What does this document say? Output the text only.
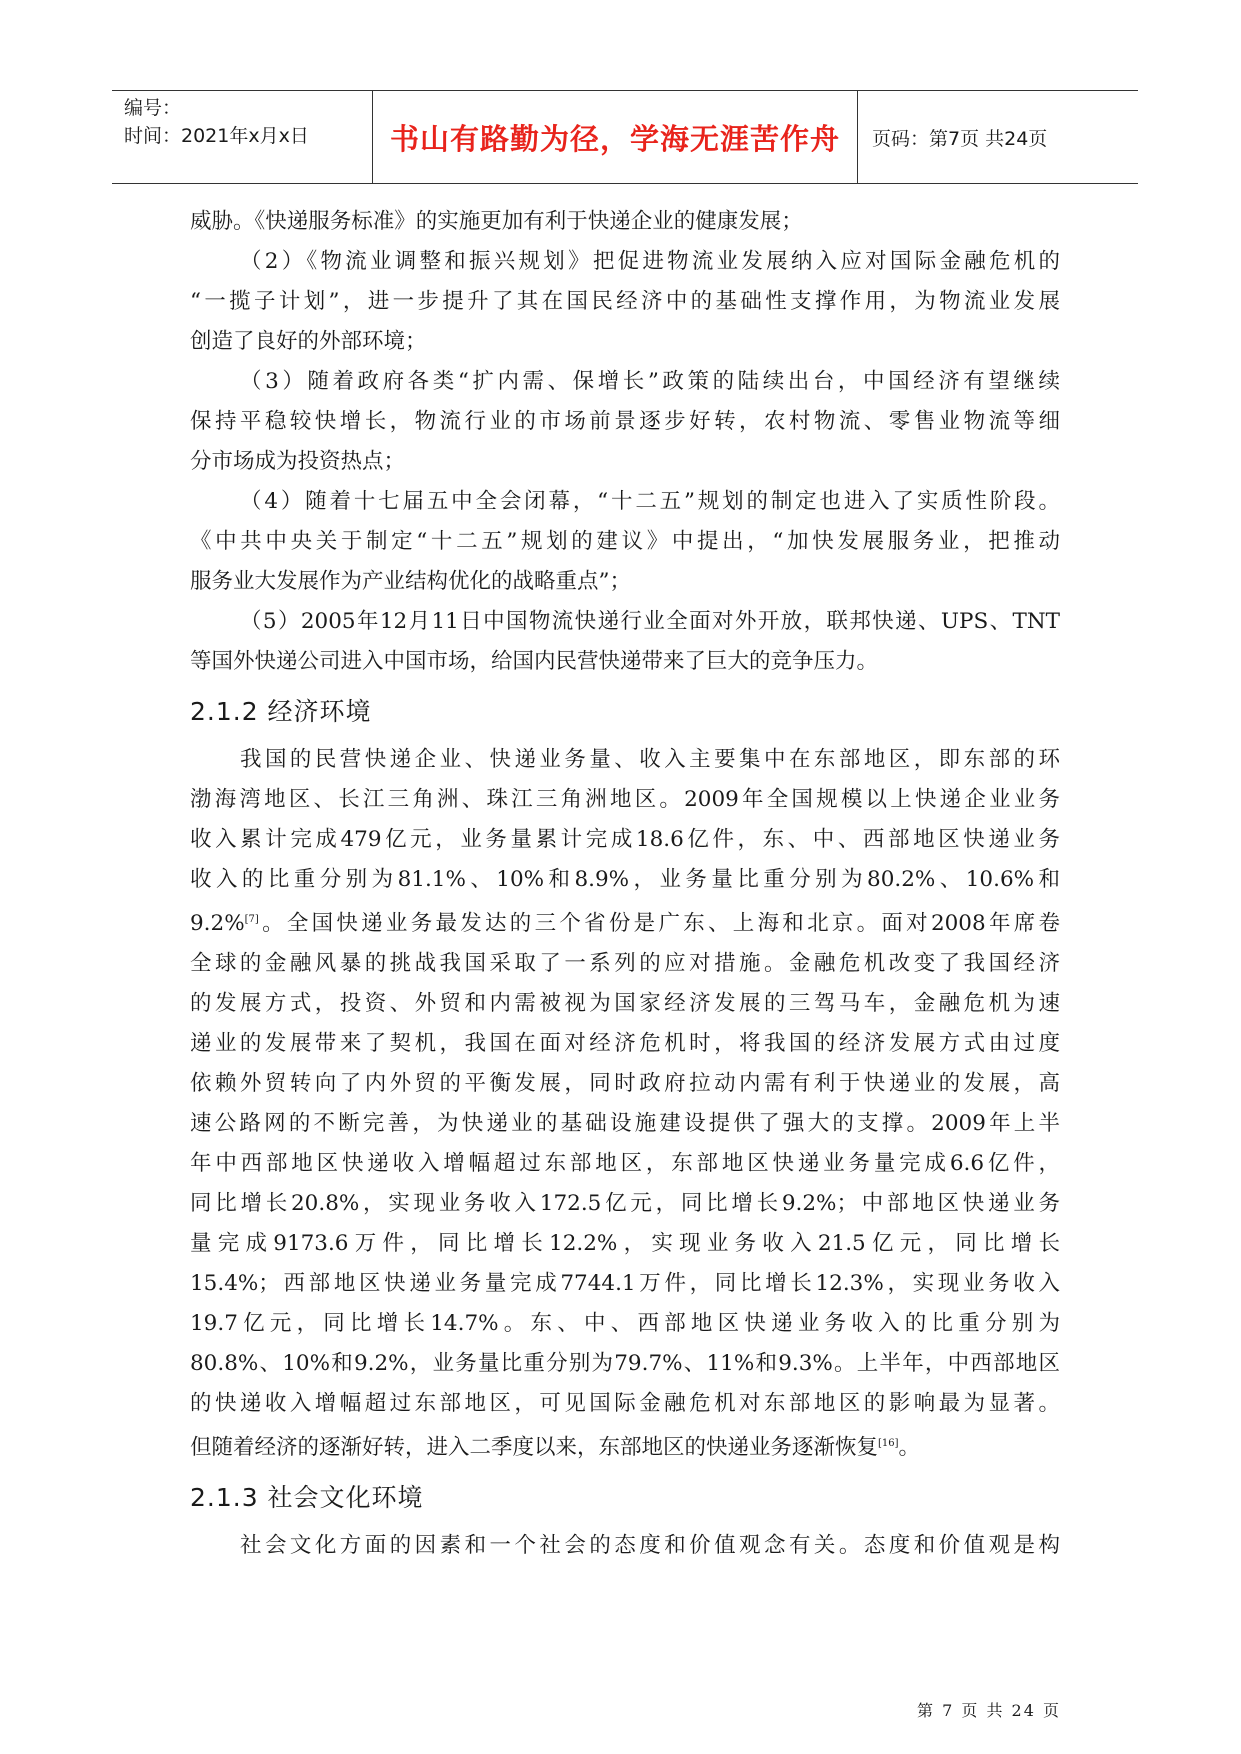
编号：
时间：2021年x月x日	书山有路勤为径，学海无涯苦作舟	页码：第7页 共24页

威胁。《快递服务标准》的实施更加有利于快递企业的健康发展；

（2）《物流业调整和振兴规划》把促进物流业发展纳入应对国际金融危机的

“一揽子计划”，进一步提升了其在国民经济中的基础性支撑作用，为物流业发展

创造了良好的外部环境；

（3）随着政府各类“扩内需、保增长”政策的陆续出台，中国经济有望继续

保持平稳较快增长，物流行业的市场前景逐步好转，农村物流、零售业物流等细

分市场成为投资热点；

（4）随着十七届五中全会闭幕，“十二五”规划的制定也进入了实质性阶段。

《中共中央关于制定“十二五”规划的建议》中提出，“加快发展服务业，把推动

服务业大发展作为产业结构优化的战略重点”；

（5）2005年12月11日中国物流快递行业全面对外开放，联邦快递、UPS、TNT

等国外快递公司进入中国市场，给国内民营快递带来了巨大的竞争压力。

2.1.2 经济环境

我国的民营快递企业、快递业务量、收入主要集中在东部地区，即东部的环

渤海湾地区、长江三角洲、珠江三角洲地区。2009年全国规模以上快递企业业务

收入累计完成479亿元，业务量累计完成18.6亿件，东、中、西部地区快递业务

收入的比重分别为81.1%、10%和8.9%，业务量比重分别为80.2%、10.6%和

9.2%[7]。全国快递业务最发达的三个省份是广东、上海和北京。面对2008年席卷

全球的金融风暴的挑战我国采取了一系列的应对措施。金融危机改变了我国经济

的发展方式，投资、外贸和内需被视为国家经济发展的三驾马车，金融危机为速

递业的发展带来了契机，我国在面对经济危机时，将我国的经济发展方式由过度

依赖外贸转向了内外贸的平衡发展，同时政府拉动内需有利于快递业的发展，高

速公路网的不断完善，为快递业的基础设施建设提供了强大的支撑。2009年上半

年中西部地区快递收入增幅超过东部地区，东部地区快递业务量完成6.6亿件，

同比增长20.8%，实现业务收入172.5亿元，同比增长9.2%；中部地区快递业务

量完成9173.6万件，同比增长12.2%，实现业务收入21.5亿元，同比增长

15.4%；西部地区快递业务量完成7744.1万件，同比增长12.3%，实现业务收入

19.7亿元，同比增长14.7%。东、中、西部地区快递业务收入的比重分别为

80.8%、10%和9.2%，业务量比重分别为79.7%、11%和9.3%。上半年，中西部地区

的快递收入增幅超过东部地区，可见国际金融危机对东部地区的影响最为显著。

但随着经济的逐渐好转，进入二季度以来，东部地区的快递业务逐渐恢复[16]。

2.1.3 社会文化环境

社会文化方面的因素和一个社会的态度和价值观念有关。态度和价值观是构

第 7 页 共 24 页
